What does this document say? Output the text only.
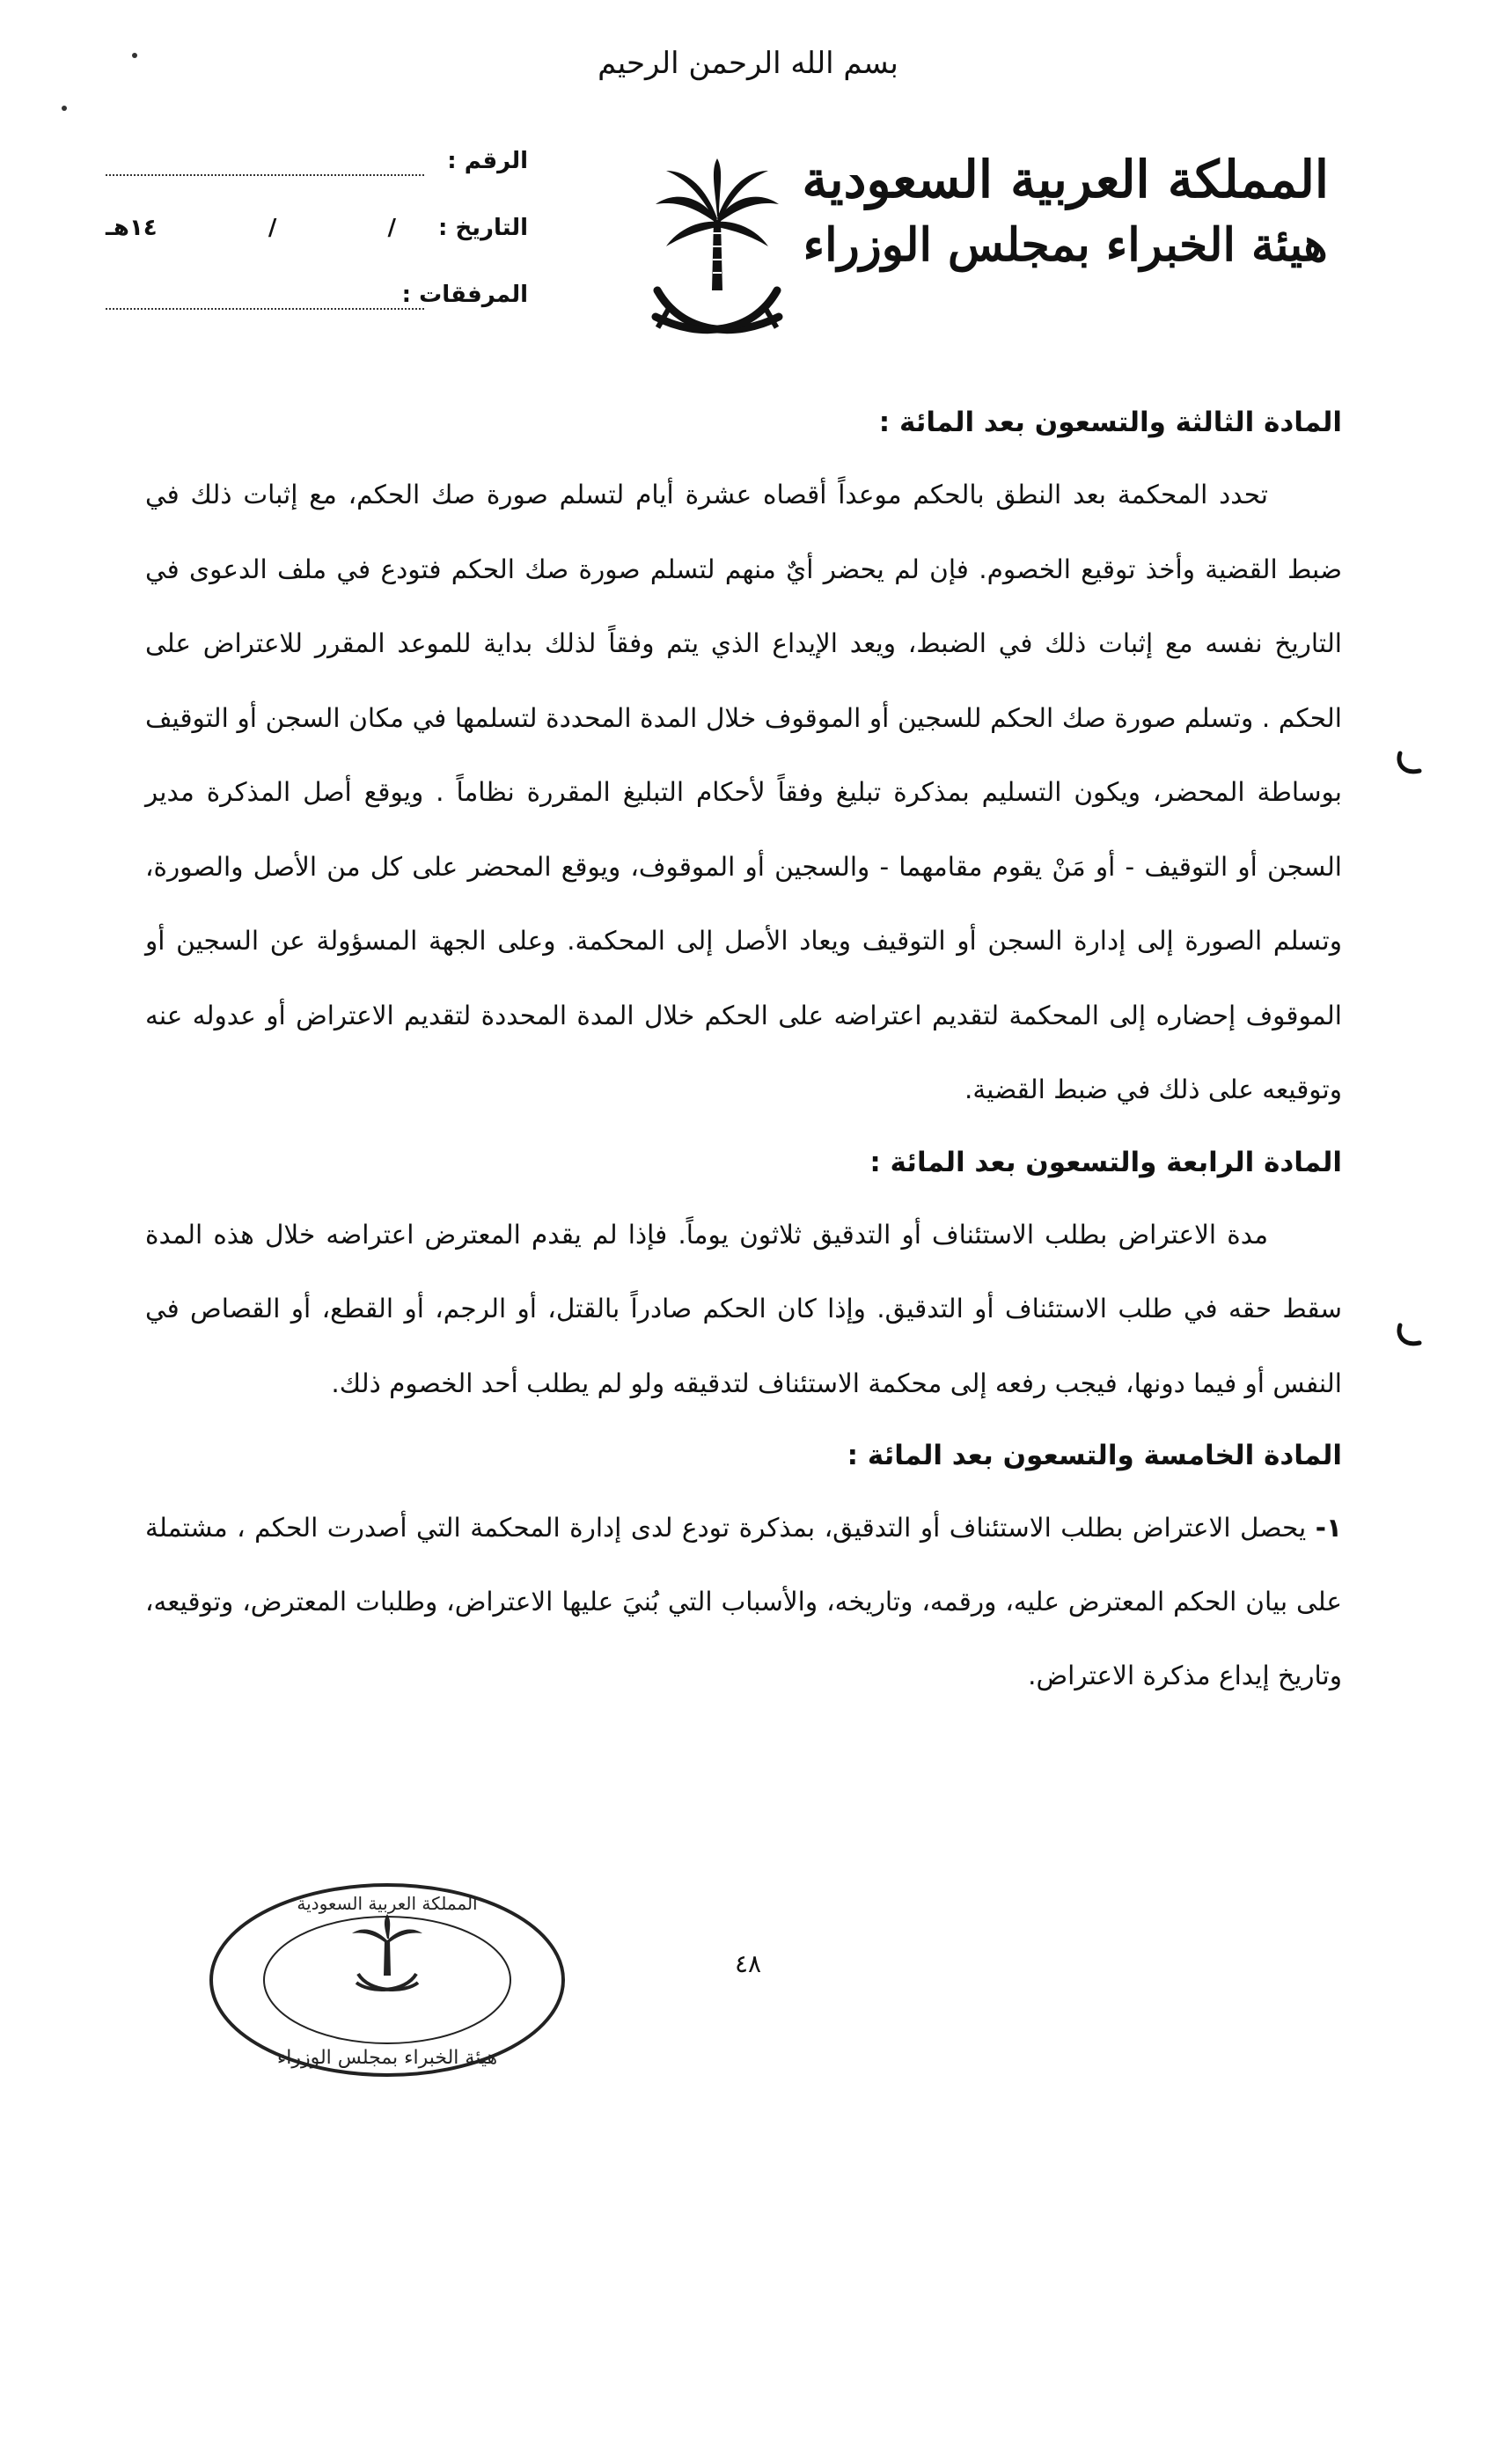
بسم الله الرحمن الرحيم
المملكة العربية السعودية
هيئة الخبراء بمجلس الوزراء
الرقم :
التاريخ :
/
/
١٤هـ
المرفقات :
المادة الثالثة والتسعون بعد المائة :

تحدد المحكمة بعد النطق بالحكم موعداً أقصاه عشرة أيام لتسلم صورة صك الحكم، مع إثبات ذلك في ضبط القضية وأخذ توقيع الخصوم. فإن لم يحضر أيٌ منهم لتسلم صورة صك الحكم فتودع في ملف الدعوى في التاريخ نفسه مع إثبات ذلك في الضبط، ويعد الإيداع الذي يتم وفقاً لذلك بداية للموعد المقرر للاعتراض على الحكم . وتسلم صورة صك الحكم للسجين أو الموقوف خلال المدة المحددة لتسلمها في مكان السجن أو التوقيف بوساطة المحضر، ويكون التسليم بمذكرة تبليغ وفقاً لأحكام التبليغ المقررة نظاماً . ويوقع أصل المذكرة مدير السجن أو التوقيف - أو مَنْ يقوم مقامهما - والسجين أو الموقوف، ويوقع المحضر على كل من الأصل والصورة، وتسلم الصورة إلى إدارة السجن أو التوقيف ويعاد الأصل إلى المحكمة. وعلى الجهة المسؤولة عن السجين أو الموقوف إحضاره إلى المحكمة لتقديم اعتراضه على الحكم خلال المدة المحددة لتقديم الاعتراض أو عدوله عنه وتوقيعه على ذلك في ضبط القضية.

المادة الرابعة والتسعون بعد المائة :

مدة الاعتراض بطلب الاستئناف أو التدقيق ثلاثون يوماً. فإذا لم يقدم المعترض اعتراضه خلال هذه المدة سقط حقه في طلب الاستئناف أو التدقيق. وإذا كان الحكم صادراً بالقتل، أو الرجم، أو القطع، أو القصاص في النفس أو فيما دونها، فيجب رفعه إلى محكمة الاستئناف لتدقيقه ولو لم يطلب أحد الخصوم ذلك.

المادة الخامسة والتسعون بعد المائة :

١- يحصل الاعتراض بطلب الاستئناف أو التدقيق، بمذكرة تودع لدى إدارة المحكمة التي أصدرت الحكم ، مشتملة على بيان الحكم المعترض عليه، ورقمه، وتاريخه، والأسباب التي بُنيَ عليها الاعتراض، وطلبات المعترض، وتوقيعه، وتاريخ إيداع مذكرة الاعتراض.

٤٨
المملكة العربية السعودية
هيئة الخبراء بمجلس الوزراء
